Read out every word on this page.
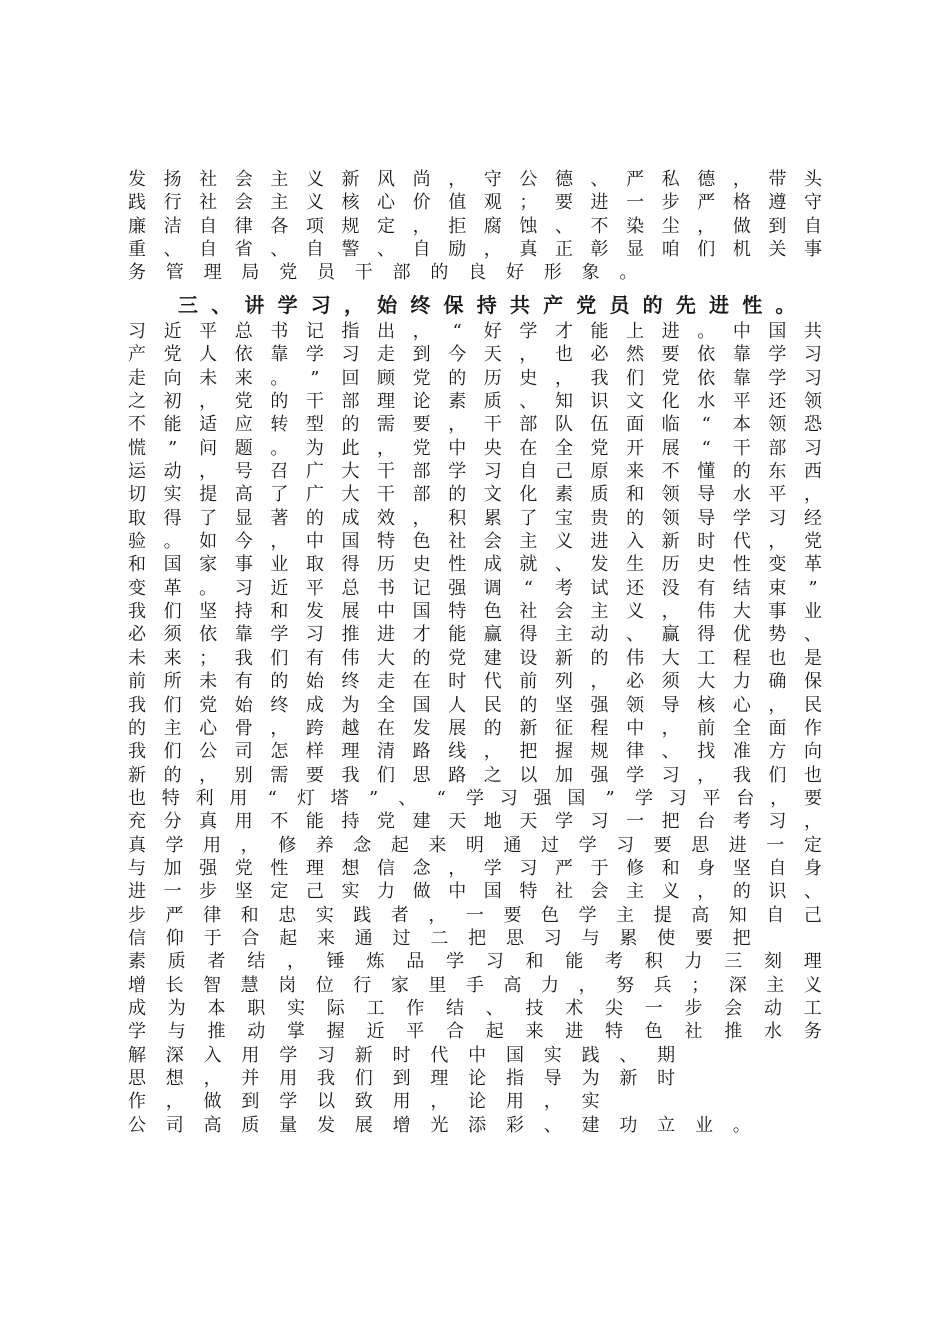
发 扬 社 会 主 义 新 风 尚 ， 守 公 德 、 严 私 德 ， 带 头
践 行 社 会 主 义 核 心 价 值 观 ； 要 进 一 步 严 格 遵 守
廉 洁 自 律 各 项 规 定 ， 拒 腐 蚀 、 不 染 尘 ， 做 到 自
重 、 自 省 、 自 警 、 自 励 ， 真 正 彰 显 咱 们 机 关 事
务 管 理 局 党 员 干 部 的 良 好 形 象 。
三 、 讲 学 习 ， 始 终 保 持 共 产 党 员 的 先 进 性 。
习 近 平 总 书 记 指 出 ， “ 好 学 才 能 上 进 。 中 国 共
产 党 人 依 靠 学 习 走 到 今 天 ， 也 必 然 要 依 靠 学 习
走 向 未 来 。 ” 回 顾 党 的 历 史 ， 我 们 党 依 靠 学 习
之 初 ， 党 的 干 部 理 论 素 质 、 知 识 文 化 水 平 还 领
不 能 适 应 转 型 的 需 要 ， 干 部 队 伍 面 临 “ 本 领 恐
慌 ” 问 题 。 为 此 ， 党 中 央 在 全 党 开 展 “ 干 部 习
运 动 ， 号 召 广 大 干 部 学 习 自 己 原 来 不 懂 的 东 西
切 实 提 高 了 广 大 干 部 的 文 化 素 质 和 领 导 水 平 ，
取 得 了 显 著 的 成 效 ， 积 累 了 宝 贵 的 领 导 学 习 经
验 。 如 今 ， 中 国 特 色 社 会 主 义 进 入 新 时 代 ， 党
和 国 家 事 业 取 得 历 史 性 成 就 、 发 生 历 史 性 变 革
变 革 。 习 近 平 总 书 记 强 调 “ 考 试 还 没 有 结 束 ”
我 们 坚 持 和 发 展 中 国 特 色 社 会 主 义 ， 伟 大 事 业
必 须 依 靠 学 习 推 进 才 能 赢 得 主 动 、 赢 得 优 势 、
未 来 ； 我 们 有 伟 大 的 党 建 设 新 的 伟 大 工 程 也 是
前 所 未 有 的 始 终 走 在 时 代 前 列 ， 必 须 大 力 确 保
我 们 党 始 终 成 为 全 国 人 民 的 坚 强 领 导 核 心 ， 民
的 主 心 骨 ， 跨 越 在 发 展 的 新 征 程 中 ， 前 全 面 作
我 们 公 司 怎 样 理 清 路 线 ， 把 握 规 律 、 找 准 方 向
新 的 ， 别 需 要 我 们 思 路 之 以 加 强 学 习 ， 我 们 也
也 特 利 用 “ 灯 塔 ” 、 “ 学 习 强 国 ” 学 习 平 台 ， 要
充 分 真 用 不 能 持 党 建 天 地 天 学 习 一 把 台 考 习 ，
真 学 用 ， 修 养 念 起 来 明 通 过 学 习 要 思 进 一 定
与 加 强 党 性 理 想 信 念 ， 学 习 严 于 修 和 身 坚 自 身
进 一 步 坚 定 己 实 力 做 中 国 特 社 会 主 义 ， 的 识 、
步 严 律 和 忠 实 践 者 ， 一 要 色 学 主 提 高 知 自 己
信 仰 于 合 起 来 通 过 二 把 思 习 与 累 使 要 把
素 质 者 结 ， 锤 炼 品 学 习 和 能 考 积 力 三 刻 理
增 长 智 慧 岗 位 行 家 里 手 高 力 ， 努 兵 ； 深 主 义
成 为 本 职 实 际 工 作 结 、 技 术 尖 一 步 会 动 工
学 与 推 动 掌 握 近 平 合 起 来 进 特 色 社 推 水 务
解 深 入 用 学 习 新 时 代 中 国 实 践 、 期
思 想 ， 并 用 我 们 到 理 论 指 导 为 新 时
作 ， 做 到 学 以 致 用 ， 论 用 ， 实
公 司 高 质 量 发 展 增 光 添 彩 、 建 功 立 业 。
